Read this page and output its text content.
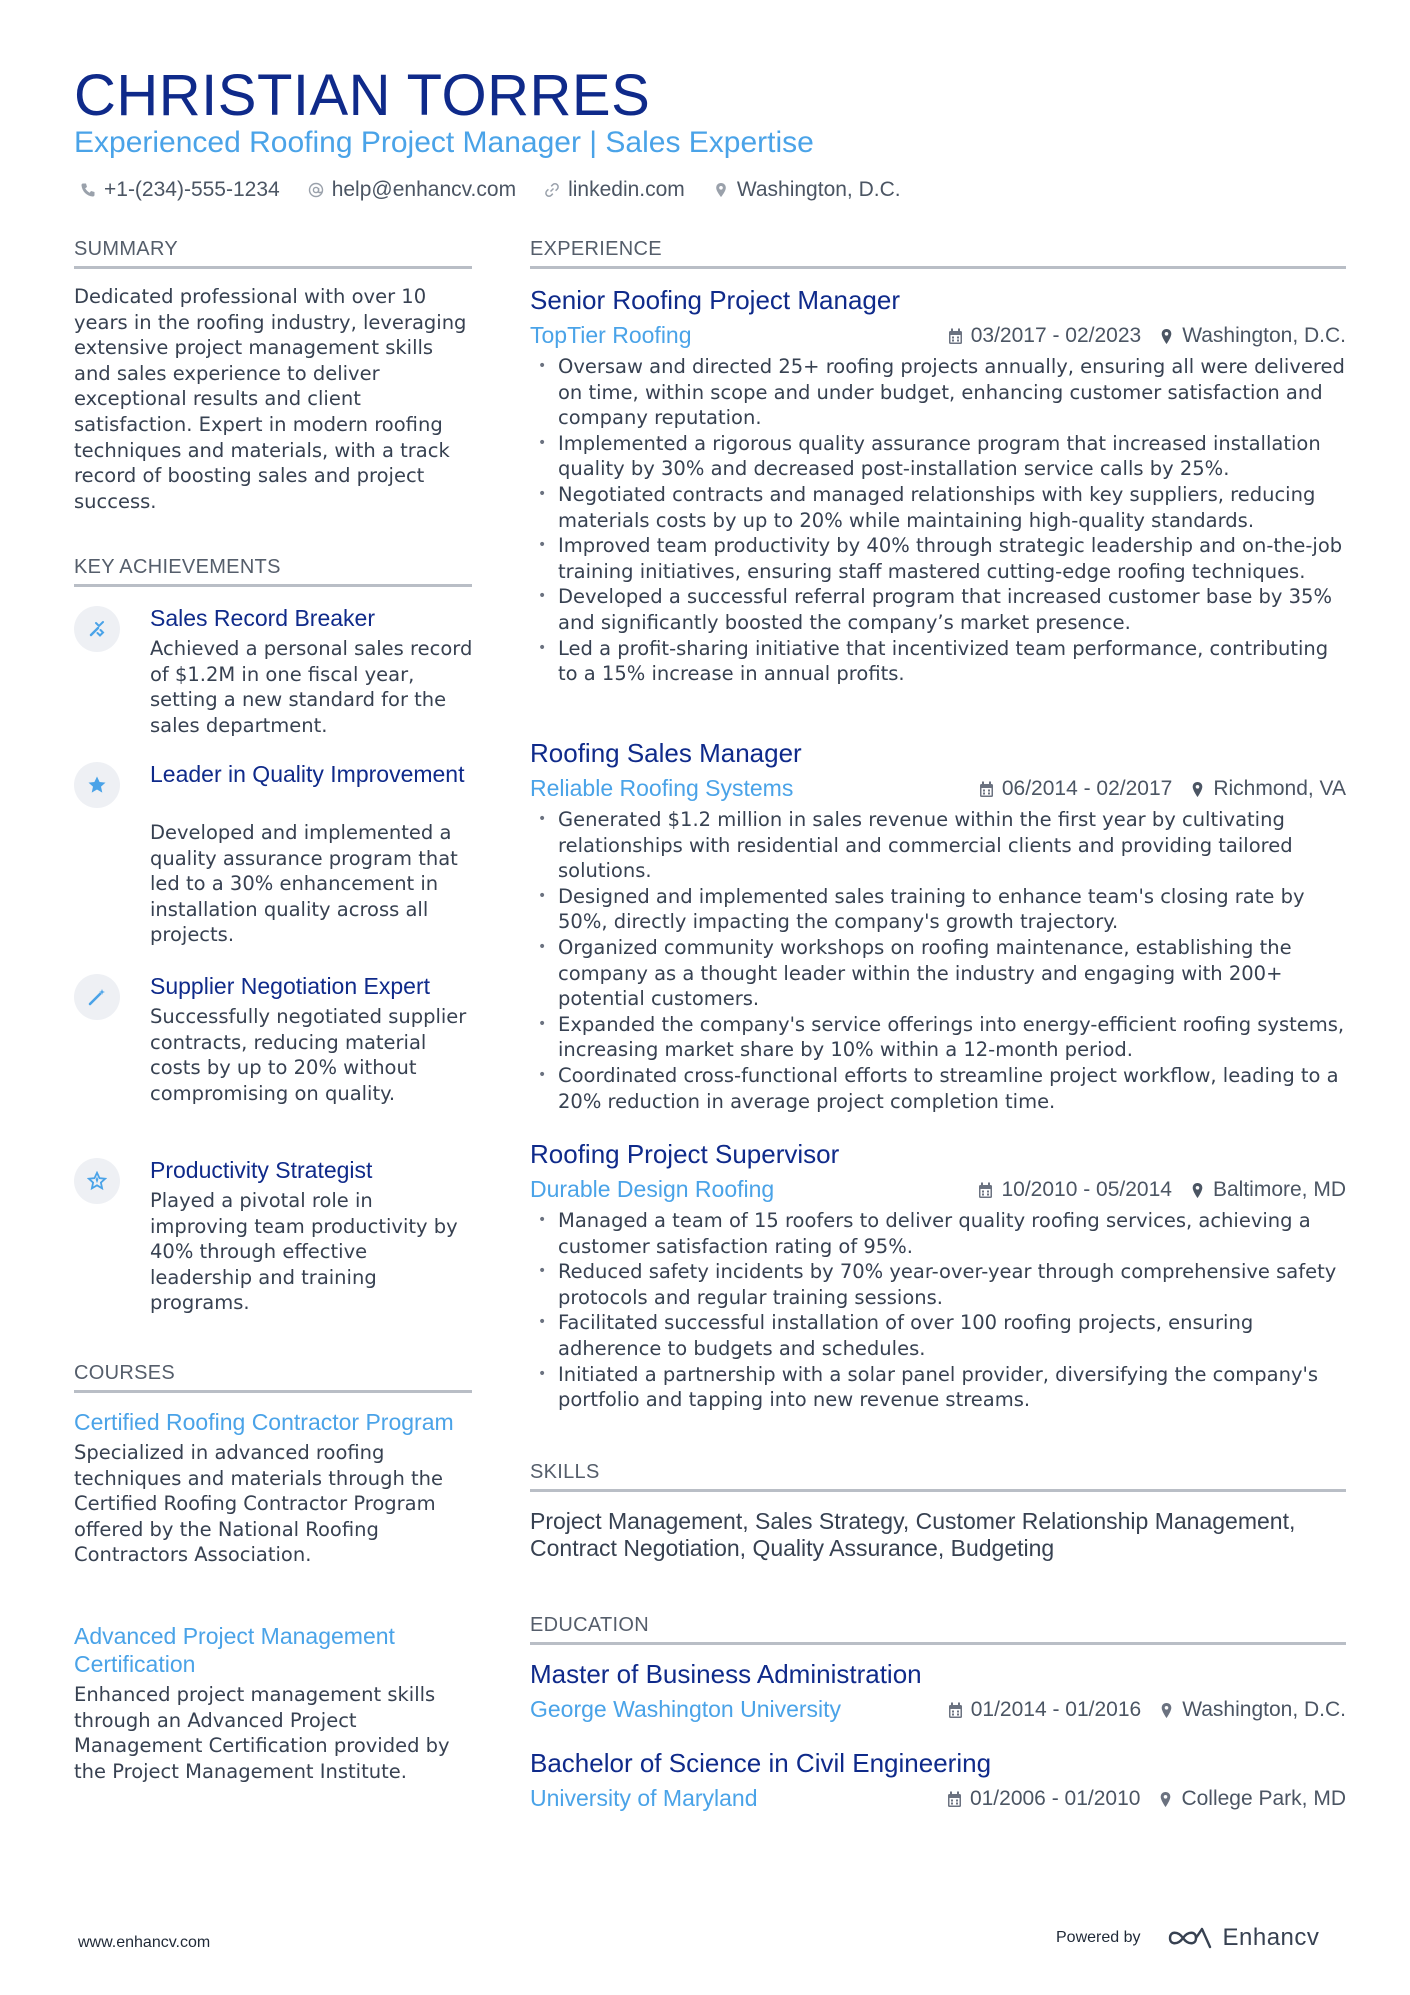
CHRISTIAN TORRES
Experienced Roofing Project Manager | Sales Expertise
+1-(234)-555-1234 help@enhancv.com linkedin.com Washington, D.C.
SUMMARY
Dedicated professional with over 10 years in the roofing industry, leveraging extensive project management skills and sales experience to deliver exceptional results and client satisfaction. Expert in modern roofing techniques and materials, with a track record of boosting sales and project success.
KEY ACHIEVEMENTS
Sales Record Breaker
Achieved a personal sales record of $1.2M in one fiscal year, setting a new standard for the sales department.
Leader in Quality Improvement
Developed and implemented a quality assurance program that led to a 30% enhancement in installation quality across all projects.
Supplier Negotiation Expert
Successfully negotiated supplier contracts, reducing material costs by up to 20% without compromising on quality.
Productivity Strategist
Played a pivotal role in improving team productivity by 40% through effective leadership and training programs.
COURSES
Certified Roofing Contractor Program
Specialized in advanced roofing techniques and materials through the Certified Roofing Contractor Program offered by the National Roofing Contractors Association.
Advanced Project Management Certification
Enhanced project management skills through an Advanced Project Management Certification provided by the Project Management Institute.
EXPERIENCE
Senior Roofing Project Manager
TopTier Roofing	03/2017 - 02/2023 Washington, D.C.
• Oversaw and directed 25+ roofing projects annually, ensuring all were delivered on time, within scope and under budget, enhancing customer satisfaction and company reputation.
• Implemented a rigorous quality assurance program that increased installation quality by 30% and decreased post-installation service calls by 25%.
• Negotiated contracts and managed relationships with key suppliers, reducing materials costs by up to 20% while maintaining high-quality standards.
• Improved team productivity by 40% through strategic leadership and on-the-job training initiatives, ensuring staff mastered cutting-edge roofing techniques.
• Developed a successful referral program that increased customer base by 35% and significantly boosted the company’s market presence.
• Led a profit-sharing initiative that incentivized team performance, contributing to a 15% increase in annual profits.
Roofing Sales Manager
Reliable Roofing Systems	06/2014 - 02/2017 Richmond, VA
• Generated $1.2 million in sales revenue within the first year by cultivating relationships with residential and commercial clients and providing tailored solutions.
• Designed and implemented sales training to enhance team's closing rate by 50%, directly impacting the company's growth trajectory.
• Organized community workshops on roofing maintenance, establishing the company as a thought leader within the industry and engaging with 200+ potential customers.
• Expanded the company's service offerings into energy-efficient roofing systems, increasing market share by 10% within a 12-month period.
• Coordinated cross-functional efforts to streamline project workflow, leading to a 20% reduction in average project completion time.
Roofing Project Supervisor
Durable Design Roofing	10/2010 - 05/2014 Baltimore, MD
• Managed a team of 15 roofers to deliver quality roofing services, achieving a customer satisfaction rating of 95%.
• Reduced safety incidents by 70% year-over-year through comprehensive safety protocols and regular training sessions.
• Facilitated successful installation of over 100 roofing projects, ensuring adherence to budgets and schedules.
• Initiated a partnership with a solar panel provider, diversifying the company's portfolio and tapping into new revenue streams.
SKILLS
Project Management, Sales Strategy, Customer Relationship Management, Contract Negotiation, Quality Assurance, Budgeting
EDUCATION
Master of Business Administration
George Washington University	01/2014 - 01/2016 Washington, D.C.
Bachelor of Science in Civil Engineering
University of Maryland	01/2006 - 01/2010 College Park, MD
www.enhancv.com	Powered by	Enhancv
